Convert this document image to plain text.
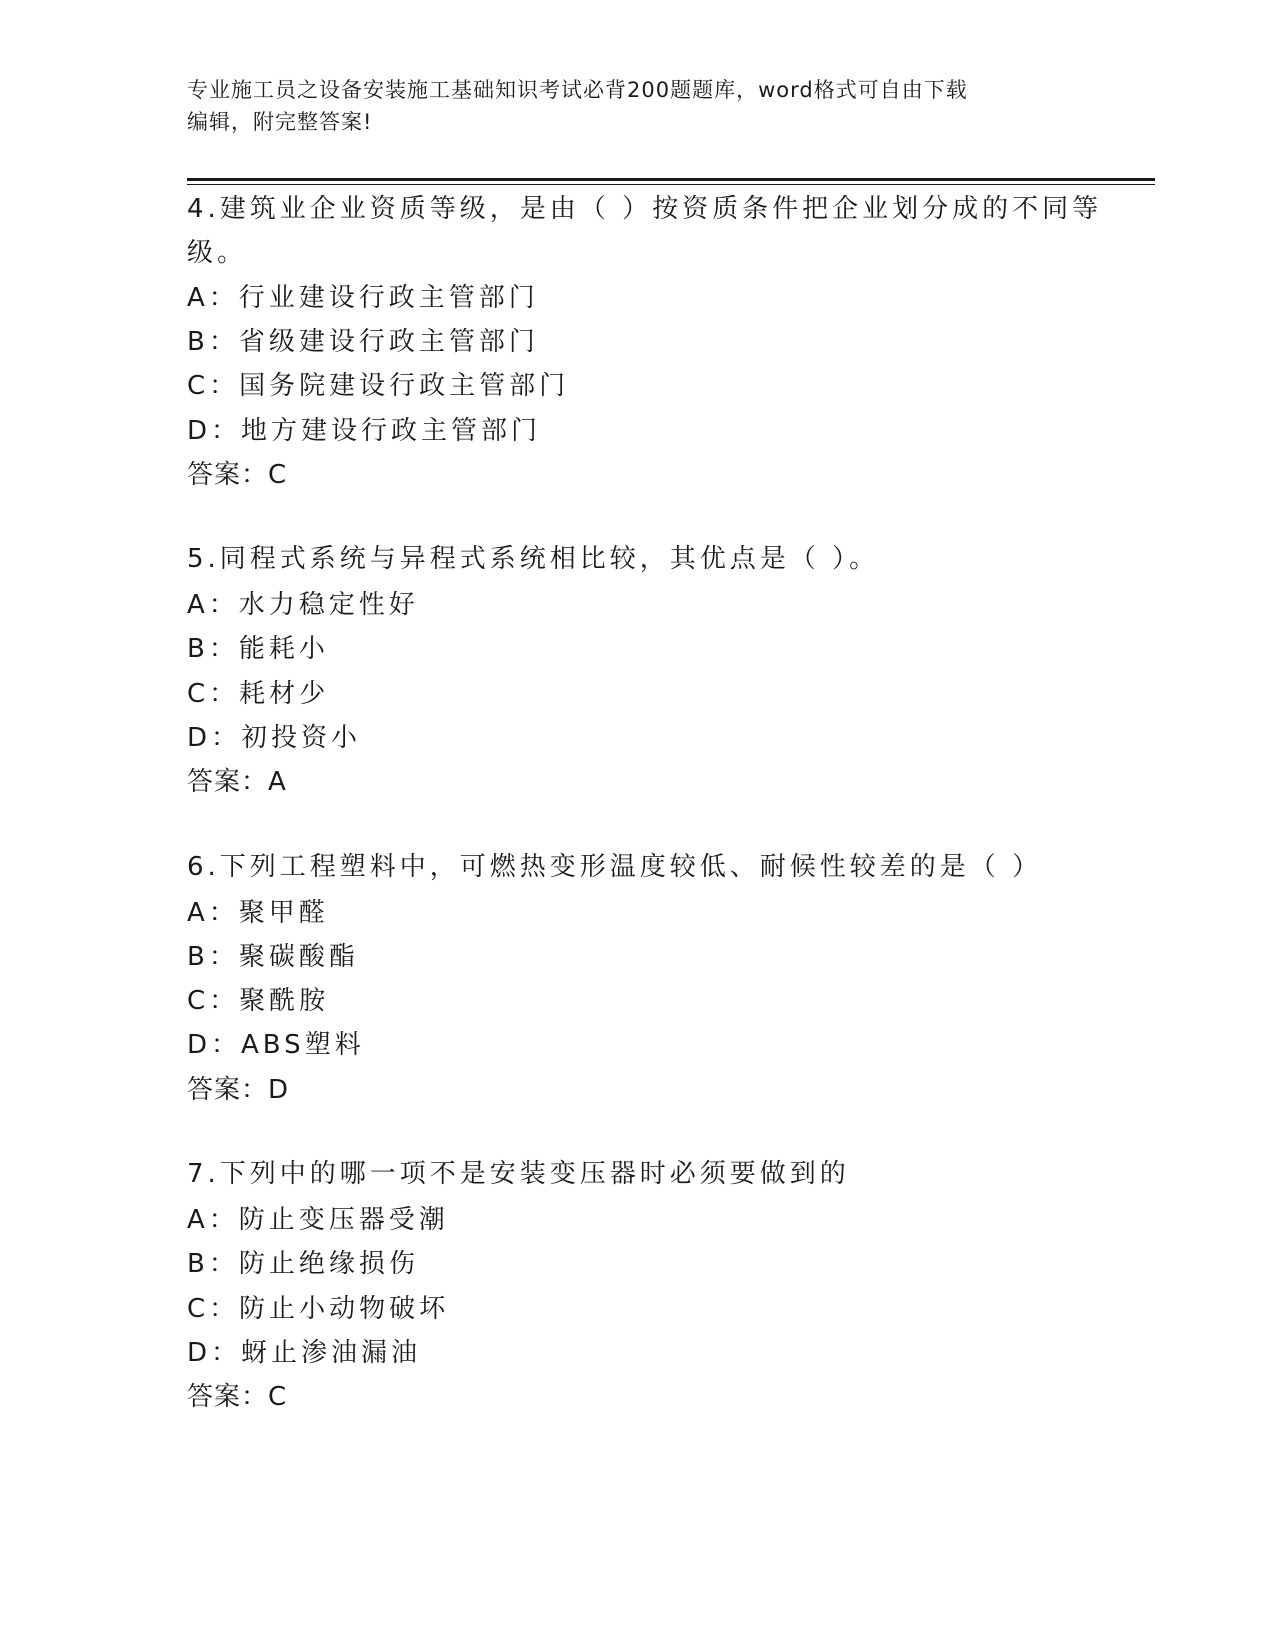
专业施工员之设备安装施工基础知识考试必背200题题库，word格式可自由下载
编辑，附完整答案!
4.建筑业企业资质等级，是由（ ）按资质条件把企业划分成的不同等
级。
A：行业建设行政主管部门
B：省级建设行政主管部门
C：国务院建设行政主管部门
D：地方建设行政主管部门
答案：C
5.同程式系统与异程式系统相比较，其优点是（ ）。
A：水力稳定性好
B：能耗小
C：耗材少
D：初投资小
答案：A
6.下列工程塑料中，可燃热变形温度较低、耐候性较差的是（ ）
A：聚甲醛
B：聚碳酸酯
C：聚酰胺
D：ABS塑料
答案：D
7.下列中的哪一项不是安装变压器时必须要做到的
A：防止变压器受潮
B：防止绝缘损伤
C：防止小动物破坏
D：蚜止渗油漏油
答案：C
